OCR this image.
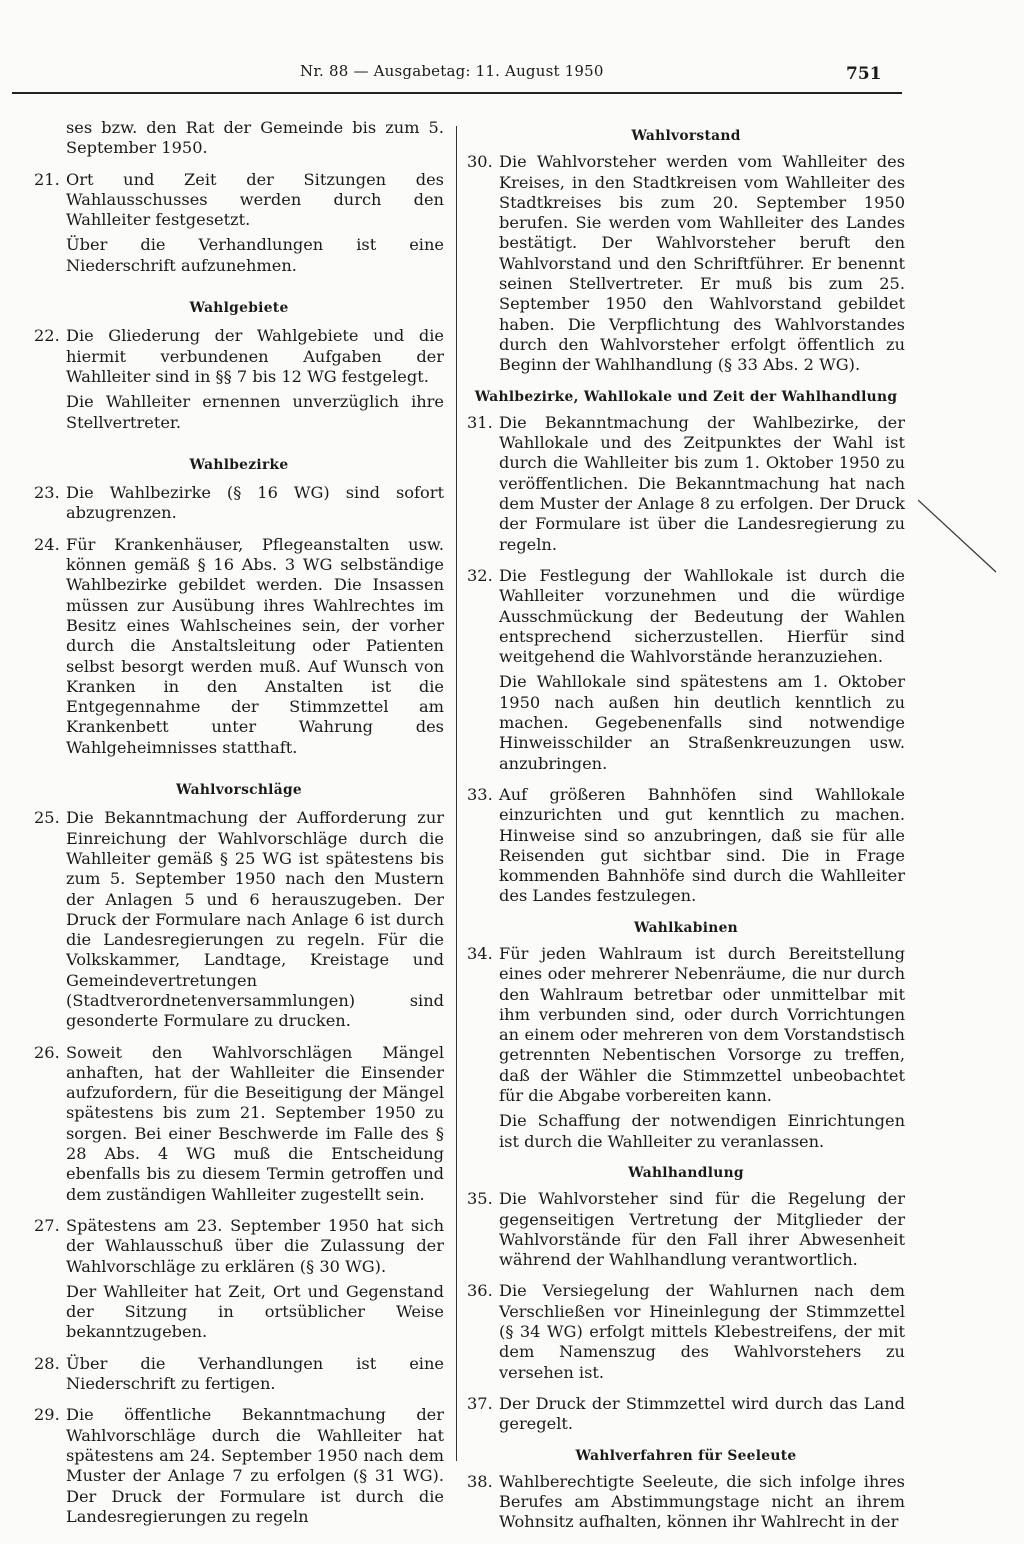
Nr. 88 — Ausgabetag: 11. August 1950	751

ses bzw. den Rat der Gemeinde bis zum 5. September 1950.

21. Ort und Zeit der Sitzungen des Wahlausschusses werden durch den Wahlleiter festgesetzt.

Über die Verhandlungen ist eine Niederschrift aufzunehmen.

Wahlgebiete
22. Die Gliederung der Wahlgebiete und die hiermit verbundenen Aufgaben der Wahlleiter sind in §§ 7 bis 12 WG festgelegt.

Die Wahlleiter ernennen unverzüglich ihre Stellvertreter.

Wahlbezirke
23. Die Wahlbezirke (§ 16 WG) sind sofort abzugrenzen.
24. Für Krankenhäuser, Pflegeanstalten usw. können gemäß § 16 Abs. 3 WG selbständige Wahlbezirke gebildet werden. Die Insassen müssen zur Ausübung ihres Wahlrechtes im Besitz eines Wahlscheines sein, der vorher durch die Anstaltsleitung oder Patienten selbst besorgt werden muß. Auf Wunsch von Kranken in den Anstalten ist die Entgegennahme der Stimmzettel am Krankenbett unter Wahrung des Wahlgeheimnisses statthaft.
Wahlvorschläge
25. Die Bekanntmachung der Aufforderung zur Einreichung der Wahlvorschläge durch die Wahlleiter gemäß § 25 WG ist spätestens bis zum 5. September 1950 nach den Mustern der Anlagen 5 und 6 herauszugeben. Der Druck der Formulare nach Anlage 6 ist durch die Landesregierungen zu regeln. Für die Volkskammer, Landtage, Kreistage und Gemeindevertretungen (Stadtverordnetenversammlungen) sind gesonderte Formulare zu drucken.
26. Soweit den Wahlvorschlägen Mängel anhaften, hat der Wahlleiter die Einsender aufzufordern, für die Beseitigung der Mängel spätestens bis zum 21. September 1950 zu sorgen. Bei einer Beschwerde im Falle des § 28 Abs. 4 WG muß die Entscheidung ebenfalls bis zu diesem Termin getroffen und dem zuständigen Wahlleiter zugestellt sein.
27. Spätestens am 23. September 1950 hat sich der Wahlausschuß über die Zulassung der Wahlvorschläge zu erklären (§ 30 WG).

Der Wahlleiter hat Zeit, Ort und Gegenstand der Sitzung in ortsüblicher Weise bekanntzugeben.

28. Über die Verhandlungen ist eine Niederschrift zu fertigen.
29. Die öffentliche Bekanntmachung der Wahlvorschläge durch die Wahlleiter hat spätestens am 24. September 1950 nach dem Muster der Anlage 7 zu erfolgen (§ 31 WG). Der Druck der Formulare ist durch die Landesregierungen zu regeln
Wahlvorstand
30. Die Wahlvorsteher werden vom Wahlleiter des Kreises, in den Stadtkreisen vom Wahlleiter des Stadtkreises bis zum 20. September 1950 berufen. Sie werden vom Wahlleiter des Landes bestätigt. Der Wahlvorsteher beruft den Wahlvorstand und den Schriftführer. Er benennt seinen Stellvertreter. Er muß bis zum 25. September 1950 den Wahlvorstand gebildet haben. Die Verpflichtung des Wahlvorstandes durch den Wahlvorsteher erfolgt öffentlich zu Beginn der Wahlhandlung (§ 33 Abs. 2 WG).
Wahlbezirke, Wahllokale und Zeit der Wahlhandlung
31. Die Bekanntmachung der Wahlbezirke, der Wahllokale und des Zeitpunktes der Wahl ist durch die Wahlleiter bis zum 1. Oktober 1950 zu veröffentlichen. Die Bekanntmachung hat nach dem Muster der Anlage 8 zu erfolgen. Der Druck der Formulare ist über die Landesregierung zu regeln.
32. Die Festlegung der Wahllokale ist durch die Wahlleiter vorzunehmen und die würdige Ausschmückung der Bedeutung der Wahlen entsprechend sicherzustellen. Hierfür sind weitgehend die Wahlvorstände heranzuziehen.

Die Wahllokale sind spätestens am 1. Oktober 1950 nach außen hin deutlich kenntlich zu machen. Gegebenenfalls sind notwendige Hinweisschilder an Straßenkreuzungen usw. anzubringen.

33. Auf größeren Bahnhöfen sind Wahllokale einzurichten und gut kenntlich zu machen. Hinweise sind so anzubringen, daß sie für alle Reisenden gut sichtbar sind. Die in Frage kommenden Bahnhöfe sind durch die Wahlleiter des Landes festzulegen.
Wahlkabinen
34. Für jeden Wahlraum ist durch Bereitstellung eines oder mehrerer Nebenräume, die nur durch den Wahlraum betretbar oder unmittelbar mit ihm verbunden sind, oder durch Vorrichtungen an einem oder mehreren von dem Vorstandstisch getrennten Nebentischen Vorsorge zu treffen, daß der Wähler die Stimmzettel unbeobachtet für die Abgabe vorbereiten kann.

Die Schaffung der notwendigen Einrichtungen ist durch die Wahlleiter zu veranlassen.

Wahlhandlung
35. Die Wahlvorsteher sind für die Regelung der gegenseitigen Vertretung der Mitglieder der Wahlvorstände für den Fall ihrer Abwesenheit während der Wahlhandlung verantwortlich.
36. Die Versiegelung der Wahlurnen nach dem Verschließen vor Hineinlegung der Stimmzettel (§ 34 WG) erfolgt mittels Klebestreifens, der mit dem Namenszug des Wahlvorstehers zu versehen ist.
37. Der Druck der Stimmzettel wird durch das Land geregelt.
Wahlverfahren für Seeleute
38. Wahlberechtigte Seeleute, die sich infolge ihres Berufes am Abstimmungstage nicht an ihrem Wohnsitz aufhalten, können ihr Wahlrecht in der
